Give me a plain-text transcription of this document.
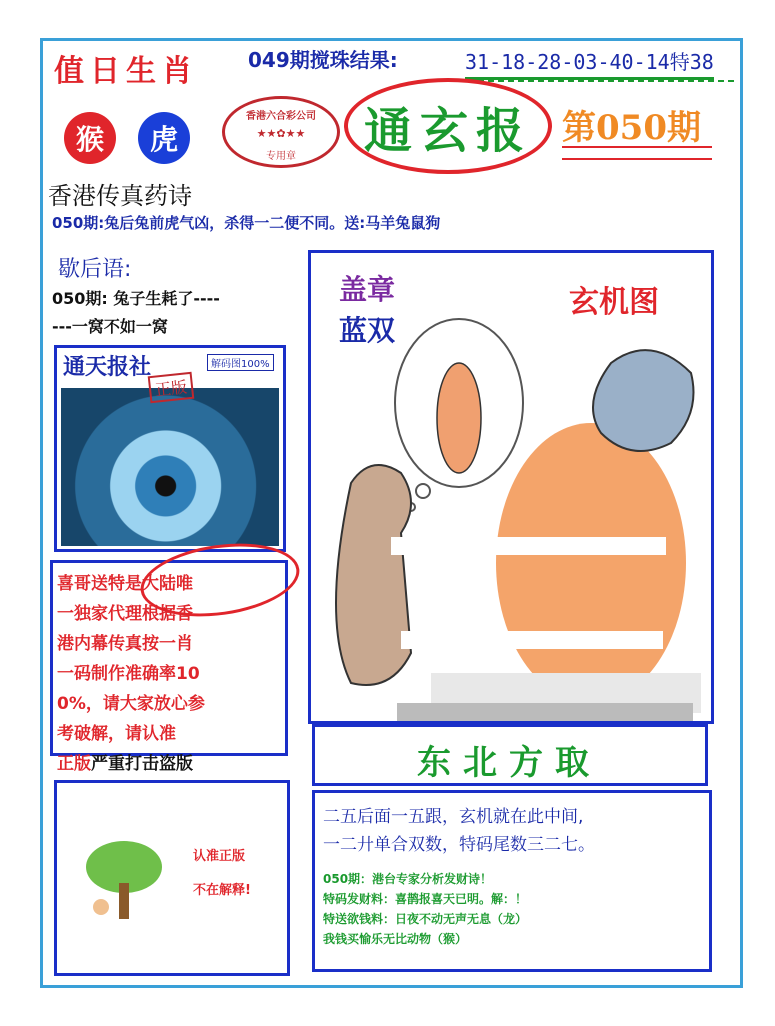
值日生肖	049期搅珠结果:	31-18-28-03-40-14特38
猴 虎
香港六合彩公司
★★✿★★
专用章	通玄报 第050期
香港传真药诗
050期:兔后兔前虎气凶，杀得一二便不同。送:马羊兔鼠狗
歇后语:
050期: 兔子生耗了----
---一窝不如一窝
通天报社	解码图100%
正版

喜哥送特是大陆唯

一独家代理根据香

港内幕传真按一肖

一码制作准确率10

0%，请大家放心参

考破解，请认准

正版严重打击盗版

盖章
蓝双
玄机图
东北方取
二五后面一五跟，玄机就在此中间,
一二廾单合双数，特码尾数三二七。
050期：港台专家分析发财诗！
特码发财料：喜鹊报喜天已明。解：！
特送欲钱料：日夜不动无声无息（龙）
我钱买愉乐无比动物（猴）
认准正版
不在解释!
